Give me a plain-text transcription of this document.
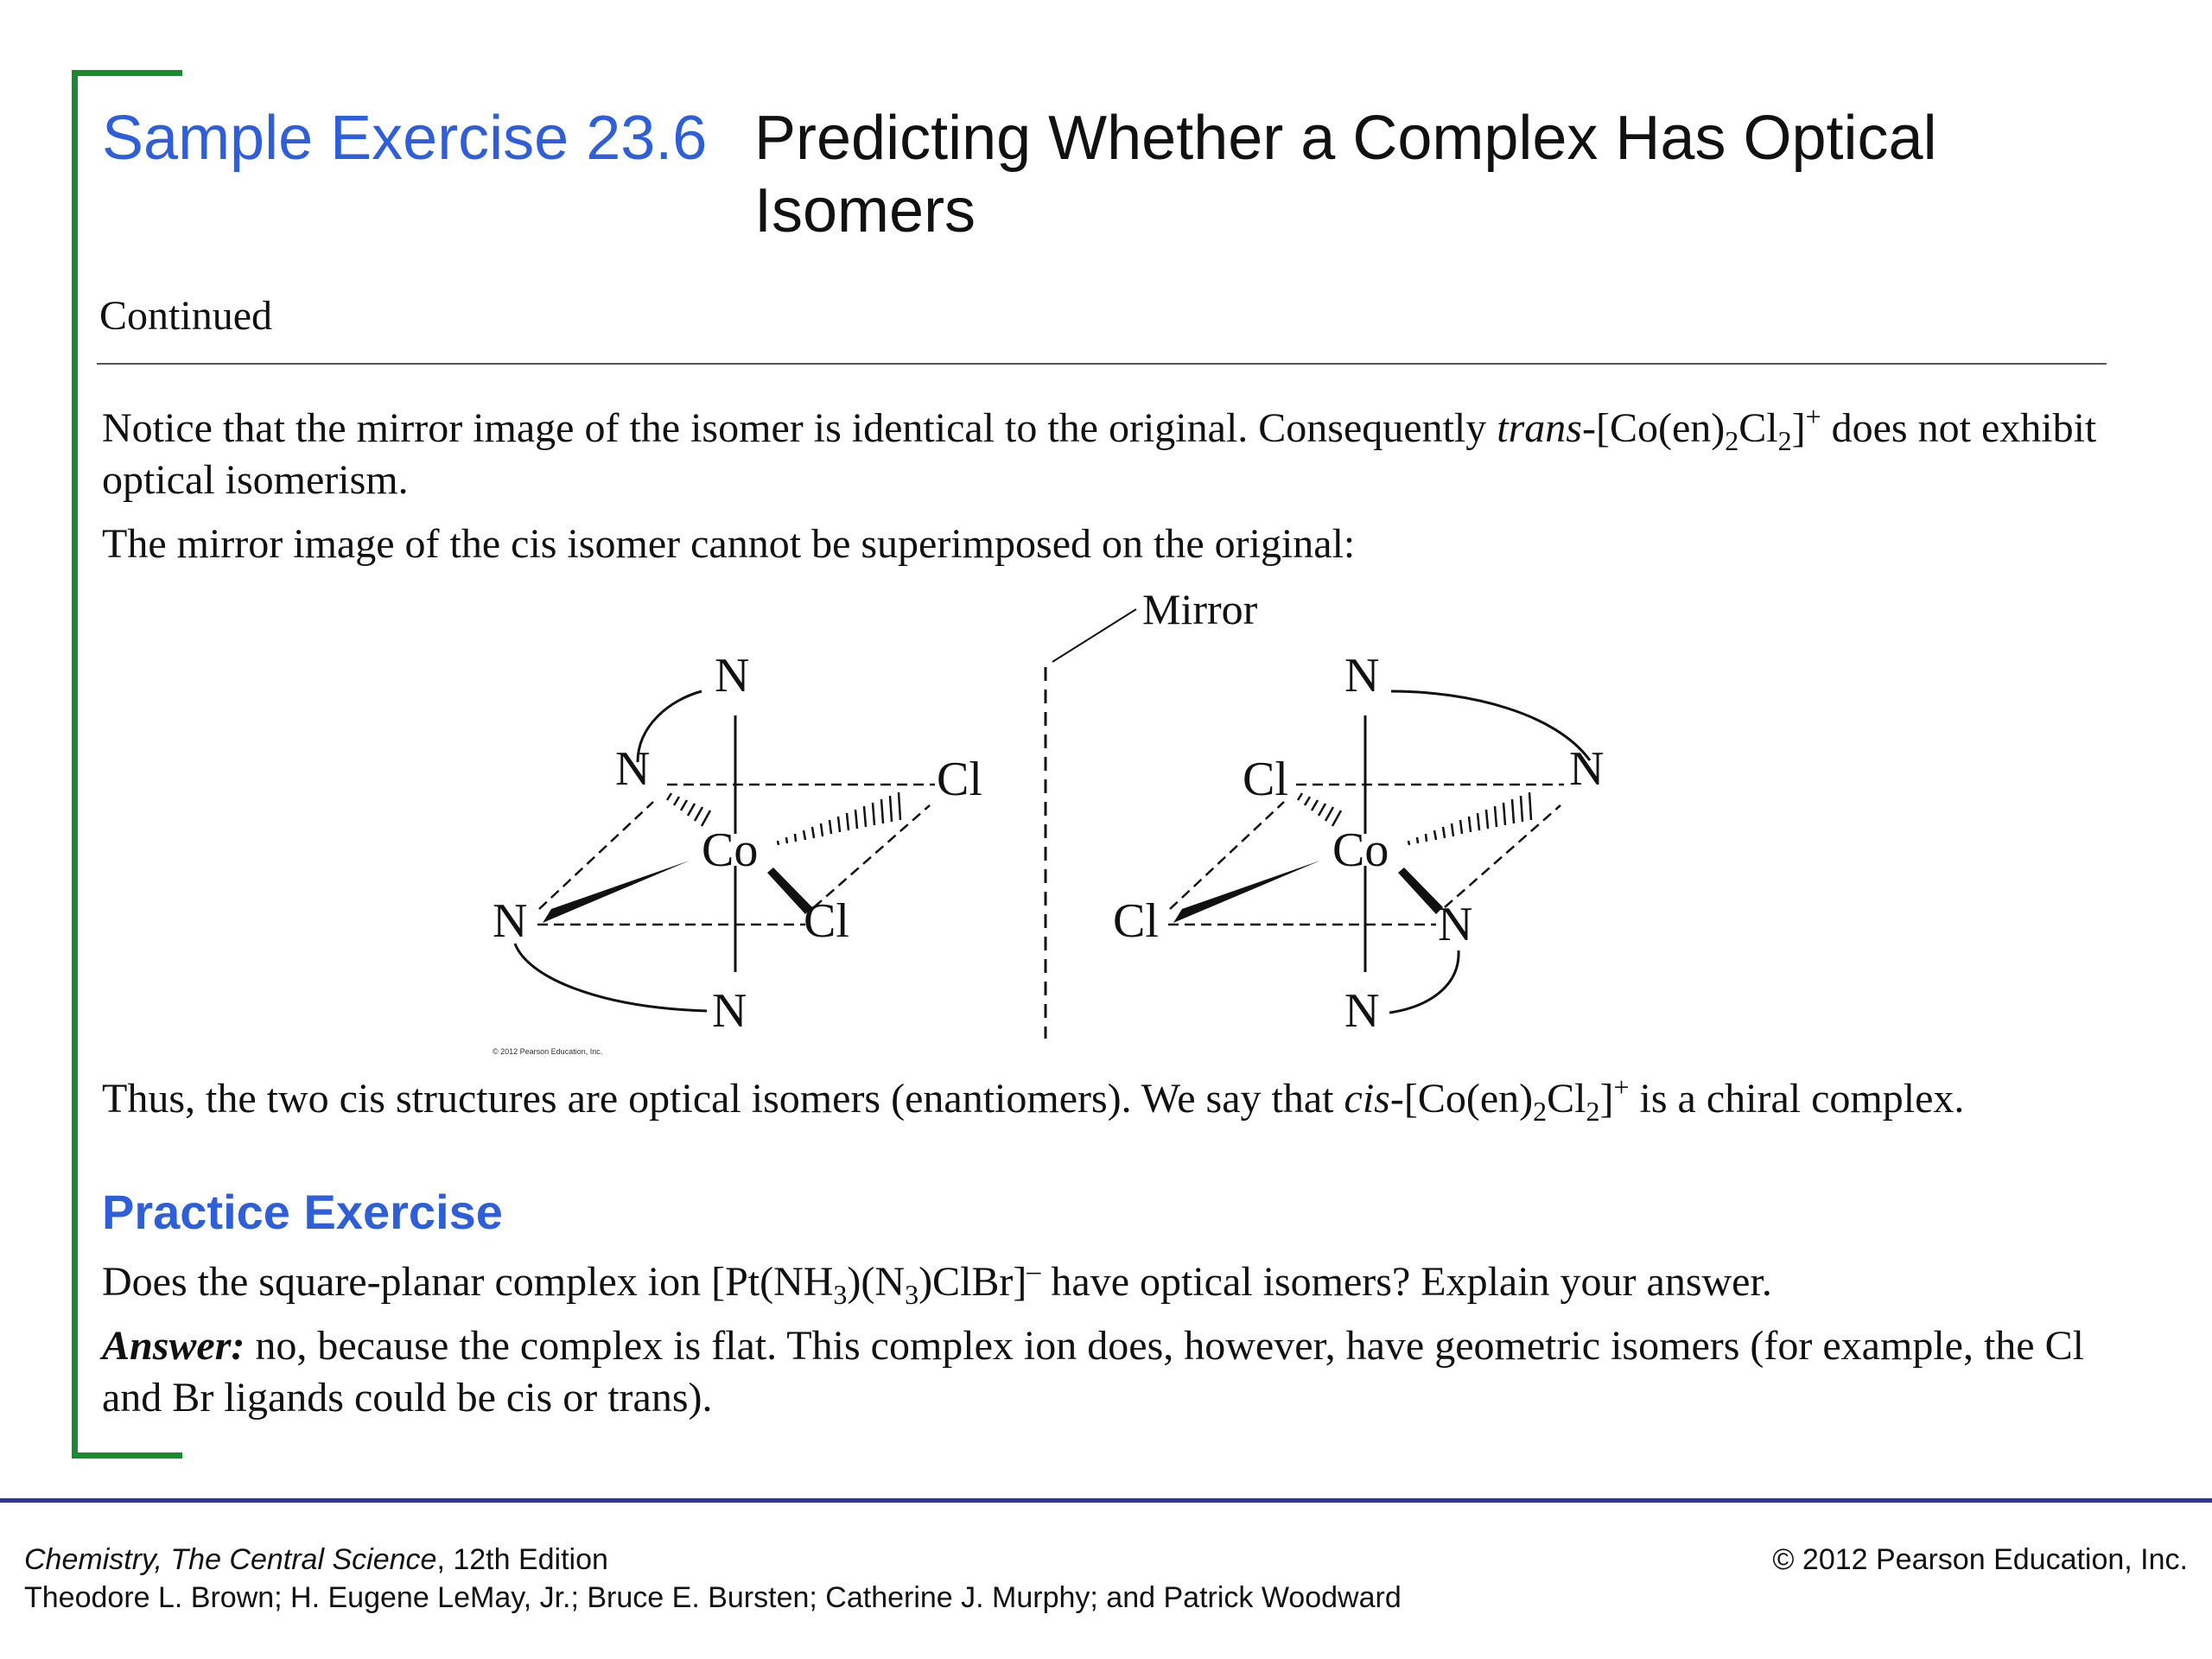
Sample Exercise 23.6 Predicting Whether a Complex Has Optical Isomers
Continued
Notice that the mirror image of the isomer is identical to the original. Consequently trans-$[Co(en)_2Cl_2]^+$ does not exhibit optical isomerism.
The mirror image of the cis isomer cannot be superimposed on the original:
Mirror
N
N	Cl
Co
N	Cl
N
N
Cl	N
Co
Cl	N
N
© 2012 Pearson Education, Inc.
Thus, the two cis structures are optical isomers (enantiomers). We say that cis-$[Co(en)_2Cl_2]^+$ is a chiral complex.
Practice Exercise
Does the square-planar complex ion $[Pt(NH_3)(N_3)ClBr]^-$ have optical isomers? Explain your answer.
Answer: no, because the complex is flat. This complex ion does, however, have geometric isomers (for example, the Cl and Br ligands could be cis or trans).
Chemistry, The Central Science, 12th Edition
Theodore L. Brown; H. Eugene LeMay, Jr.; Bruce E. Bursten; Catherine J. Murphy; and Patrick Woodward
© 2012 Pearson Education, Inc.
